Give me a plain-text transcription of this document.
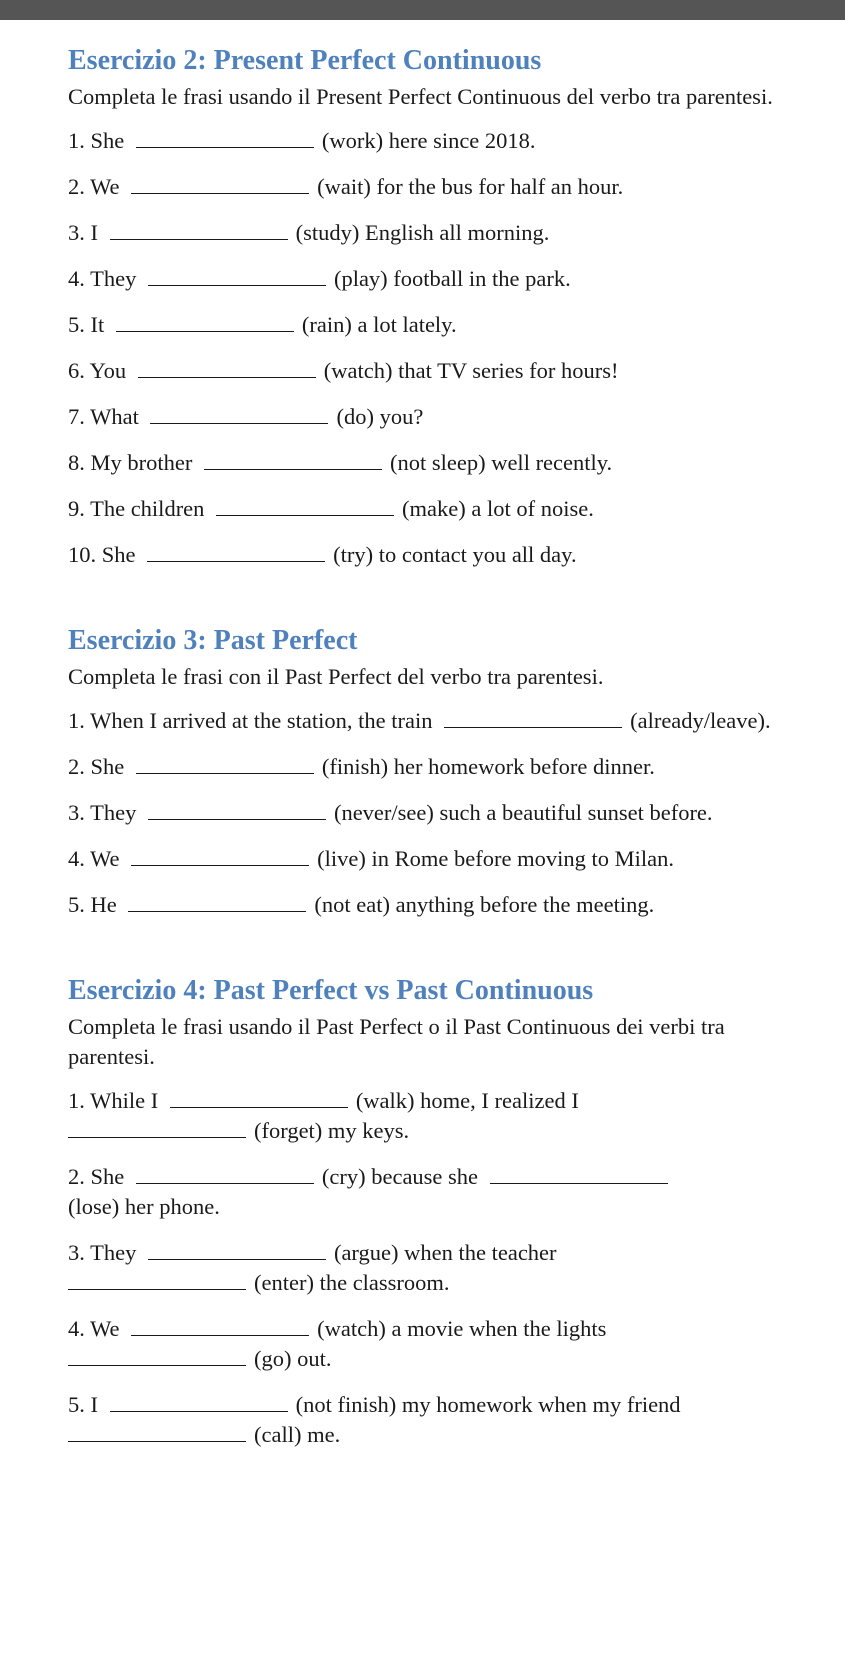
Esercizio 2: Present Perfect Continuous
Completa le frasi usando il Present Perfect Continuous del verbo tra parentesi.
1. She	(work) here since 2018.
2. We	(wait) for the bus for half an hour.
3. I	(study) English all morning.
4. They	(play) football in the park.
5. It	(rain) a lot lately.
6. You	(watch) that TV series for hours!
7. What	(do) you?
8. My brother	(not sleep) well recently.
9. The children	(make) a lot of noise.
10. She	(try) to contact you all day.
Esercizio 3: Past Perfect
Completa le frasi con il Past Perfect del verbo tra parentesi.
1. When I arrived at the station, the train	(already/leave).
2. She	(finish) her homework before dinner.
3. They	(never/see) such a beautiful sunset before.
4. We	(live) in Rome before moving to Milan.
5. He	(not eat) anything before the meeting.
Esercizio 4: Past Perfect vs Past Continuous
Completa le frasi usando il Past Perfect o il Past Continuous dei verbi tra parentesi.
1. While I	(walk) home, I realized I
(forget) my keys.
2. She	(cry) because she
(lose) her phone.
3. They	(argue) when the teacher
(enter) the classroom.
4. We	(watch) a movie when the lights
(go) out.
5. I	(not finish) my homework when my friend
(call) me.
